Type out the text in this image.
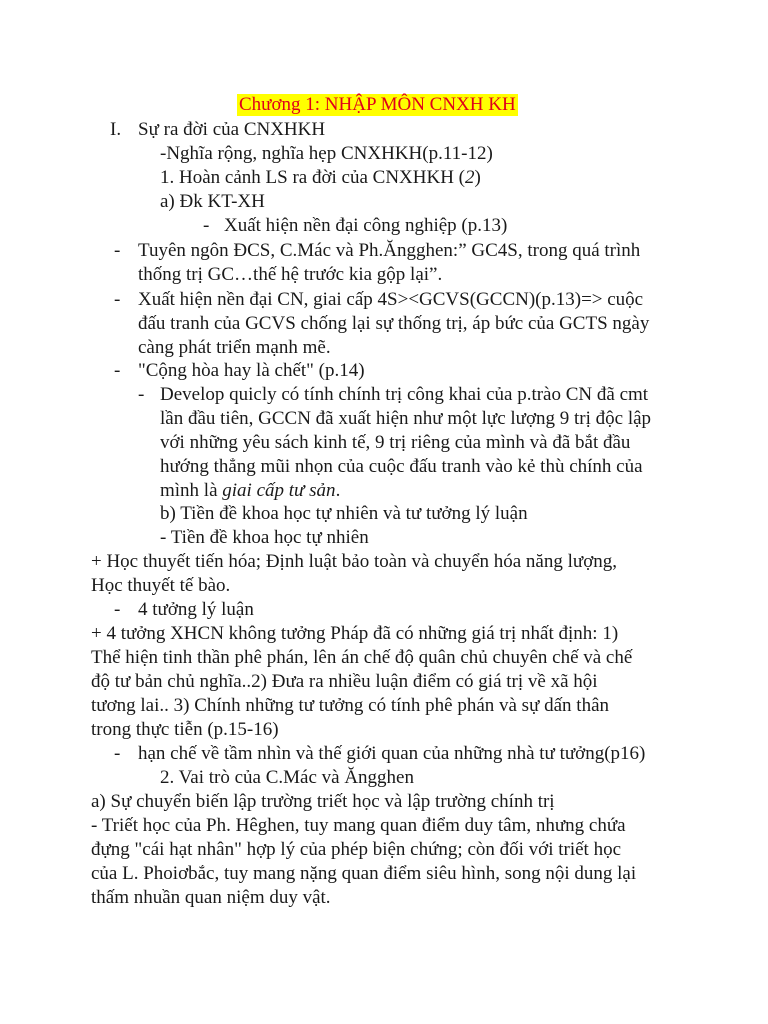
Chương 1: NHẬP MÔN CNXH KH
I. Sự ra đời của CNXHKH
-Nghĩa rộng, nghĩa hẹp CNXHKH(p.11-12)
1. Hoàn cảnh LS ra đời của CNXHKH (2)
a) Đk KT-XH
- Xuất hiện nền đại công nghiệp (p.13)
- Tuyên ngôn ĐCS, C.Mác và Ph.Ăngghen:” GC4S, trong quá trình
thống trị GC…thế hệ trước kia gộp lại”.
- Xuất hiện nền đại CN, giai cấp 4S><GCVS(GCCN)(p.13)=> cuộc
đấu tranh của GCVS chống lại sự thống trị, áp bức của GCTS ngày
càng phát triển mạnh mẽ.
- "Cộng hòa hay là chết" (p.14)
- Develop quicly có tính chính trị công khai của p.trào CN đã cmt
lần đầu tiên, GCCN đã xuất hiện như một lực lượng 9 trị độc lập
với những yêu sách kinh tế, 9 trị riêng của mình và đã bắt đầu
hướng thẳng mũi nhọn của cuộc đấu tranh vào kẻ thù chính của
mình là giai cấp tư sản.
b) Tiền đề khoa học tự nhiên và tư tưởng lý luận
- Tiền đề khoa học tự nhiên
+ Học thuyết tiến hóa; Định luật bảo toàn và chuyển hóa năng lượng,
Học thuyết tế bào.
- 4 tưởng lý luận
+ 4 tưởng XHCN không tưởng Pháp đã có những giá trị nhất định: 1)
Thể hiện tinh thần phê phán, lên án chế độ quân chủ chuyên chế và chế
độ tư bản chủ nghĩa..2) Đưa ra nhiều luận điểm có giá trị về xã hội
tương lai.. 3) Chính những tư tưởng có tính phê phán và sự dấn thân
trong thực tiễn (p.15-16)
- hạn chế về tầm nhìn và thế giới quan của những nhà tư tưởng(p16)
2. Vai trò của C.Mác và Ăngghen
a) Sự chuyển biến lập trường triết học và lập trường chính trị
- Triết học của Ph. Hêghen, tuy mang quan điểm duy tâm, nhưng chứa
đựng "cái hạt nhân" hợp lý của phép biện chứng; còn đối với triết học
của L. Phoiơbắc, tuy mang nặng quan điểm siêu hình, song nội dung lại
thấm nhuần quan niệm duy vật.
